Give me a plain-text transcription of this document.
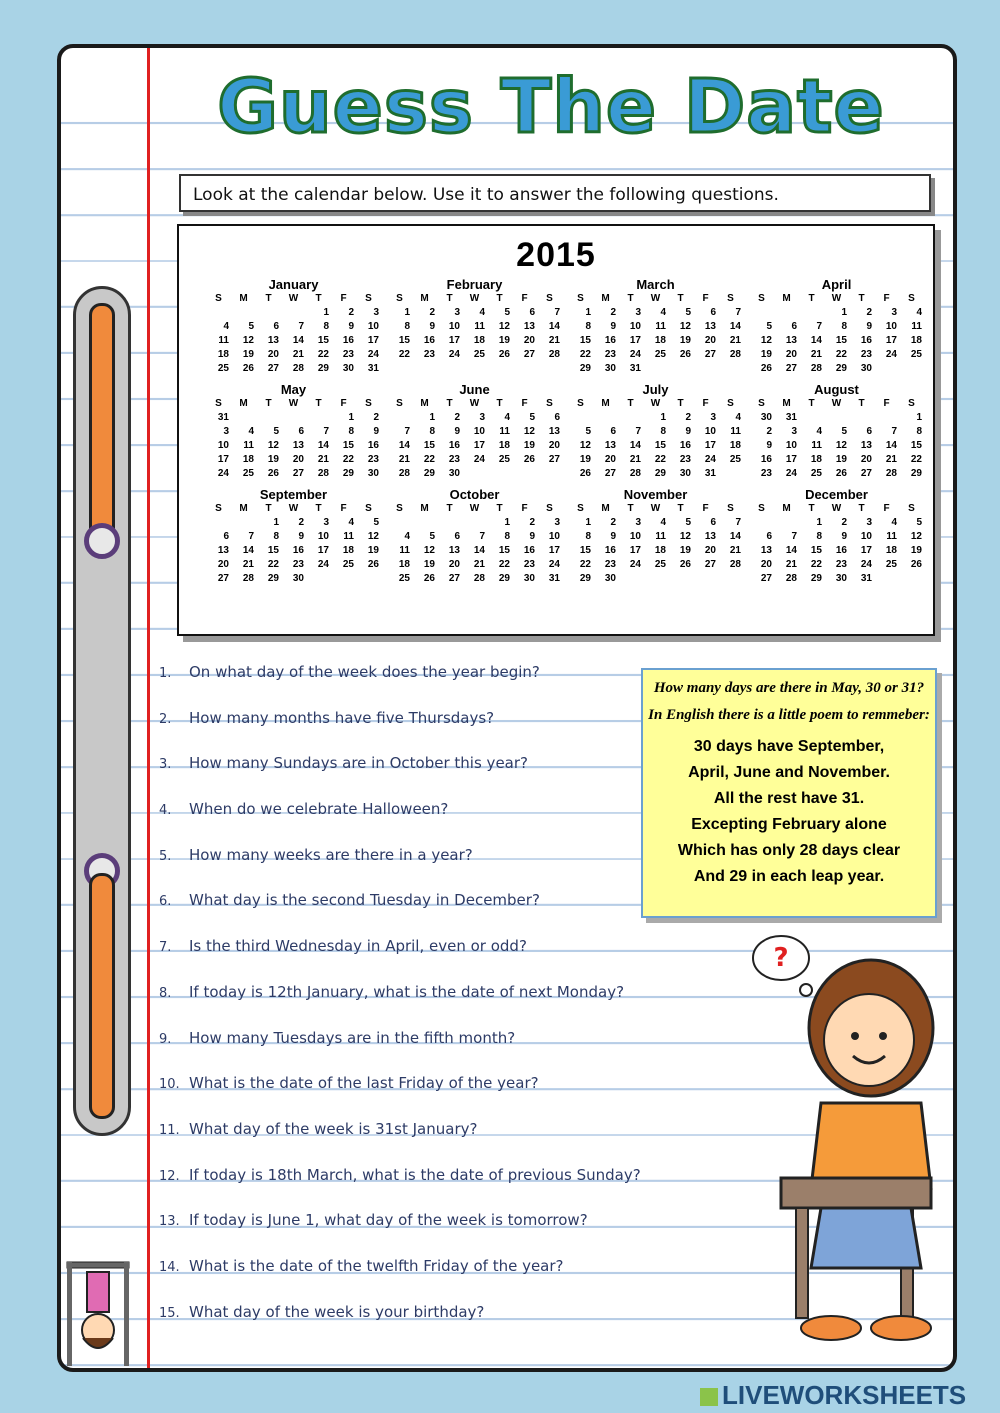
Guess The Date
Look at the calendar below. Use it to answer the following questions.
2015
January
S	M	T	W	T	F	S
				1	2	3
4	5	6	7	8	9	10
11	12	13	14	15	16	17
18	19	20	21	22	23	24
25	26	27	28	29	30	31
February
S	M	T	W	T	F	S
1	2	3	4	5	6	7
8	9	10	11	12	13	14
15	16	17	18	19	20	21
22	23	24	25	26	27	28
March
S	M	T	W	T	F	S
1	2	3	4	5	6	7
8	9	10	11	12	13	14
15	16	17	18	19	20	21
22	23	24	25	26	27	28
29	30	31				
April
S	M	T	W	T	F	S
			1	2	3	4
5	6	7	8	9	10	11
12	13	14	15	16	17	18
19	20	21	22	23	24	25
26	27	28	29	30		
May
S	M	T	W	T	F	S
31					1	2
3	4	5	6	7	8	9
10	11	12	13	14	15	16
17	18	19	20	21	22	23
24	25	26	27	28	29	30
June
S	M	T	W	T	F	S
	1	2	3	4	5	6
7	8	9	10	11	12	13
14	15	16	17	18	19	20
21	22	23	24	25	26	27
28	29	30				
July
S	M	T	W	T	F	S
			1	2	3	4
5	6	7	8	9	10	11
12	13	14	15	16	17	18
19	20	21	22	23	24	25
26	27	28	29	30	31	
August
S	M	T	W	T	F	S
30	31					1
2	3	4	5	6	7	8
9	10	11	12	13	14	15
16	17	18	19	20	21	22
23	24	25	26	27	28	29
September
S	M	T	W	T	F	S
		1	2	3	4	5
6	7	8	9	10	11	12
13	14	15	16	17	18	19
20	21	22	23	24	25	26
27	28	29	30			
October
S	M	T	W	T	F	S
				1	2	3
4	5	6	7	8	9	10
11	12	13	14	15	16	17
18	19	20	21	22	23	24
25	26	27	28	29	30	31
November
S	M	T	W	T	F	S
1	2	3	4	5	6	7
8	9	10	11	12	13	14
15	16	17	18	19	20	21
22	23	24	25	26	27	28
29	30					
December
S	M	T	W	T	F	S
		1	2	3	4	5
6	7	8	9	10	11	12
13	14	15	16	17	18	19
20	21	22	23	24	25	26
27	28	29	30	31		
1. On what day of the week does the year begin?
2. How many months have five Thursdays?
3. How many Sundays are in October this year?
4. When do we celebrate Halloween?
5. How many weeks are there in a year?
6. What day is the second Tuesday in December?
7. Is the third Wednesday in April, even or odd?
8. If today is 12th January, what is the date of next Monday?
9. How many Tuesdays are in the fifth month?
10. What is the date of the last Friday of the year?
11. What day of the week is 31st January?
12. If today is 18th March, what is the date of previous Sunday?
13. If today is June 1, what day of the week is tomorrow?
14. What is the date of the twelfth Friday of the year?
15. What day of the week is your birthday?
How many days are there in May, 30 or 31?
In English there is a little poem to remmeber:
30 days have September,
April, June and November.
All the rest have 31.
Excepting February alone
Which has only 28 days clear
And 29 in each leap year.
?
LIVEWORKSHEETS
